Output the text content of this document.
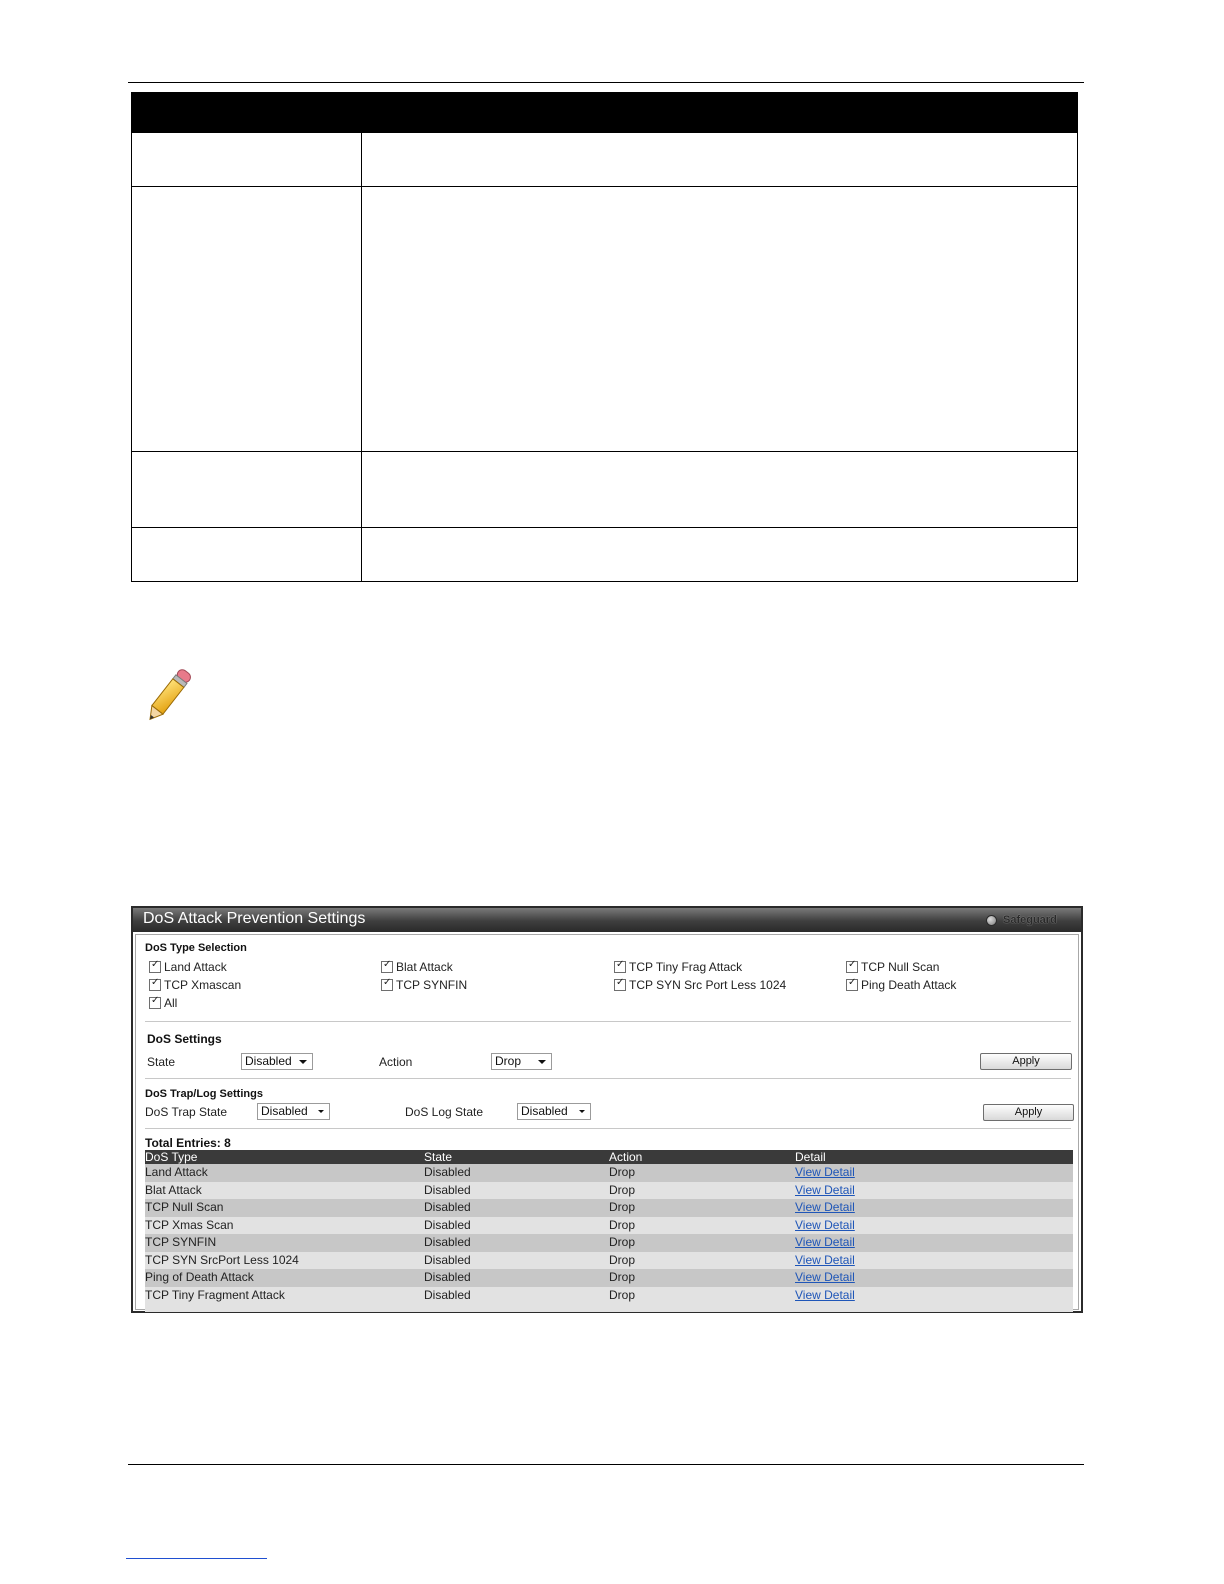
DoS Attack Prevention Settings	Safeguard
DoS Type Selection
✓
Land Attack ✓	Blat Attack ✓	TCP Tiny Frag Attack ✓	TCP Null Scan
✓
TCP Xmascan ✓	TCP SYNFIN ✓	TCP SYN Src Port Less 1024 ✓	Ping Death Attack
✓
All
DoS Settings
State	Disabled	Action	Drop	Apply
DoS Trap/Log Settings
DoS Trap State	Disabled	DoS Log State	Disabled	Apply
Total Entries: 8
DoS Type	State	Action	Detail
Land Attack	Disabled	Drop	View Detail
Blat Attack	Disabled	Drop	View Detail
TCP Null Scan	Disabled	Drop	View Detail
TCP Xmas Scan	Disabled	Drop	View Detail
TCP SYNFIN	Disabled	Drop	View Detail
TCP SYN SrcPort Less 1024	Disabled	Drop	View Detail
Ping of Death Attack	Disabled	Drop	View Detail
TCP Tiny Fragment Attack	Disabled	Drop	View Detail
